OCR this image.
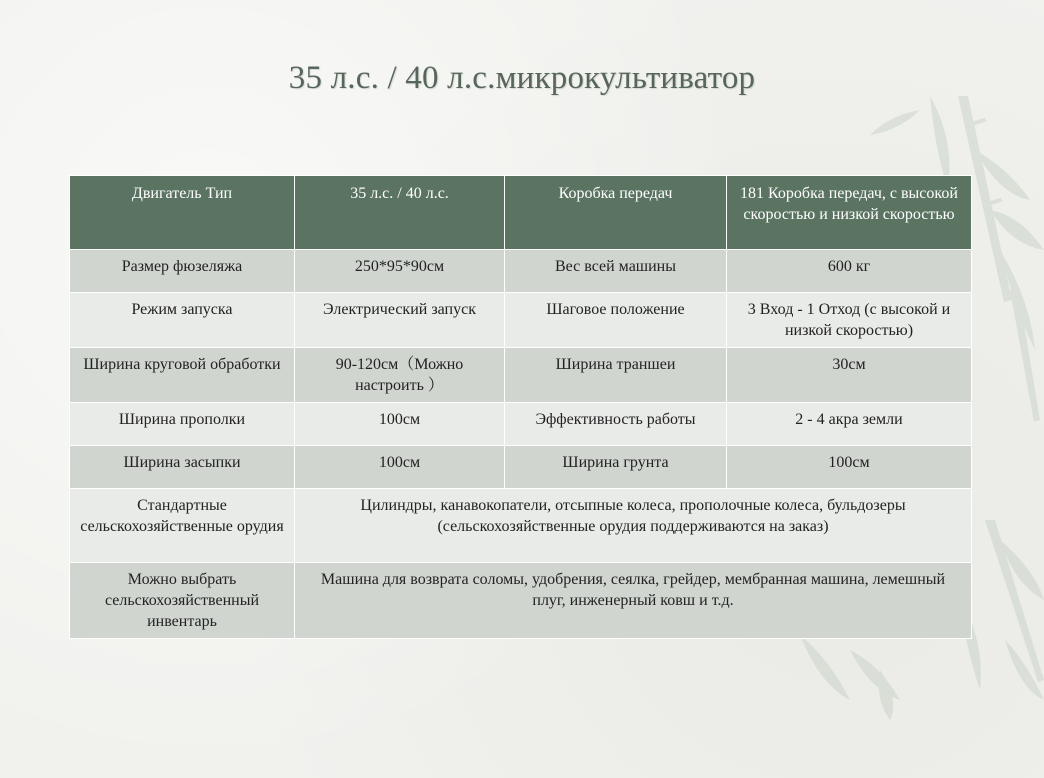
35 л.с. / 40 л.с.микрокультиватор
Двигатель Тип	35 л.с. / 40 л.с.	Коробка передач	181 Коробка передач, с высокой скоростью и низкой скоростью
Размер фюзеляжа	250*95*90см	Вес всей машины	600 кг
Режим запуска	Электрический запуск	Шаговое положение	3 Вход - 1 Отход (с высокой и низкой скоростью)
Ширина круговой обработки	90-120см（Можно настроить ）	Ширина траншеи	30см
Ширина прополки	100см	Эффективность работы	2 - 4 акра земли
Ширина засыпки	100см	Ширина грунта	100см
Стандартные сельскохозяйственные орудия	Цилиндры, канавокопатели, отсыпные колеса, прополочные колеса, бульдозеры (сельскохозяйственные орудия поддерживаются на заказ)		
Можно выбрать сельскохозяйственный инвентарь	Машина для возврата соломы, удобрения, сеялка, грейдер, мембранная машина, лемешный плуг, инженерный ковш и т.д.		
